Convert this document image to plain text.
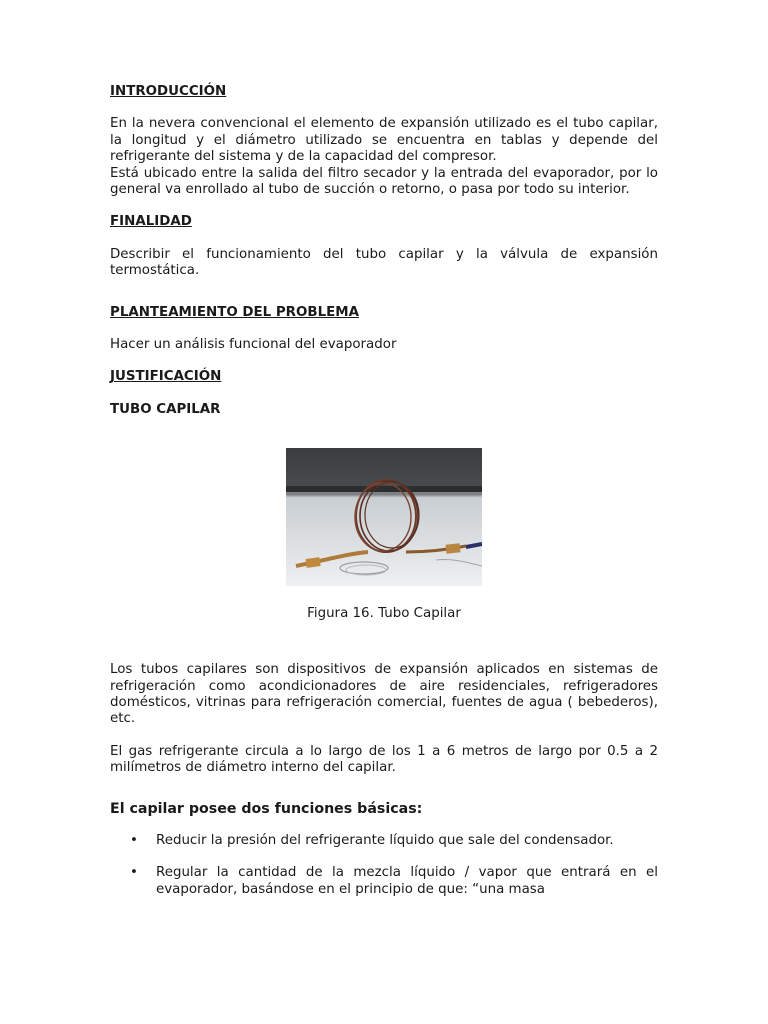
INTRODUCCIÓN

En la nevera convencional el elemento de expansión utilizado es el tubo capilar, la longitud y el diámetro utilizado se encuentra en tablas y depende del refrigerante del sistema y de la capacidad del compresor.

Está ubicado entre la salida del filtro secador y la entrada del evaporador, por lo general va enrollado al tubo de succión o retorno, o pasa por todo su interior.

FINALIDAD

Describir el funcionamiento del tubo capilar y la válvula de expansión termostática.

PLANTEAMIENTO DEL PROBLEMA

Hacer un análisis funcional del evaporador

JUSTIFICACIÓN

TUBO CAPILAR

Figura 16. Tubo Capilar

Los tubos capilares son dispositivos de expansión aplicados en sistemas de refrigeración como acondicionadores de aire residenciales, refrigeradores domésticos, vitrinas para refrigeración comercial, fuentes de agua ( bebederos), etc.

El gas refrigerante circula a lo largo de los 1 a 6 metros de largo por 0.5 a 2 milímetros de diámetro interno del capilar.

El capilar posee dos funciones básicas:

• Reducir la presión del refrigerante líquido que sale del condensador.
• Regular la cantidad de la mezcla líquido / vapor que entrará en el evaporador, basándose en el principio de que: “una masa
